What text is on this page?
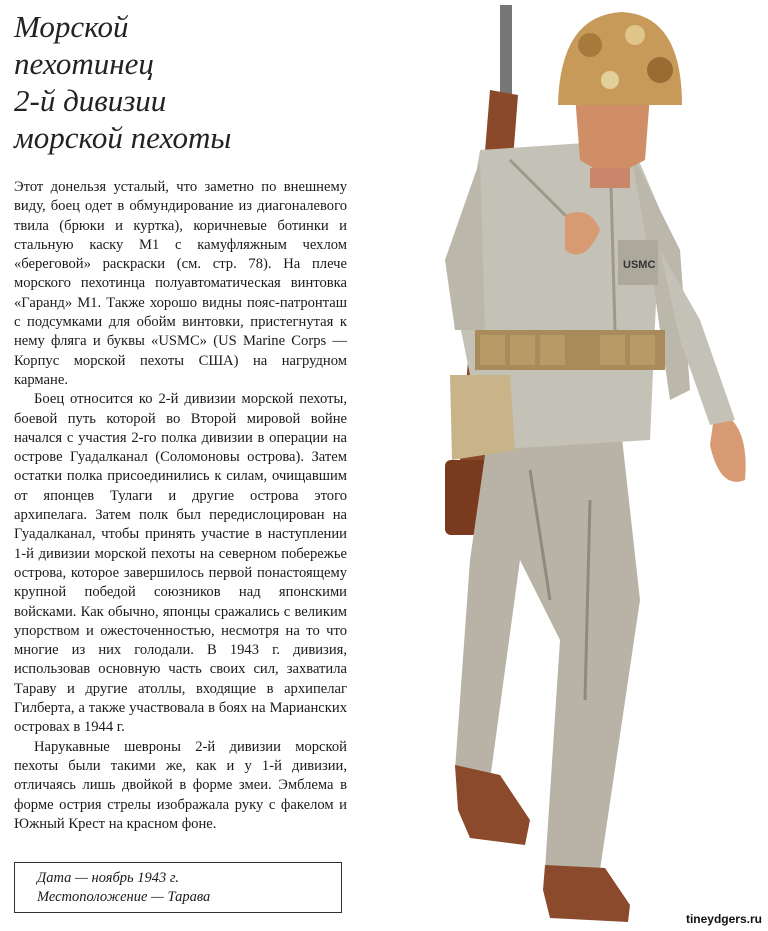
Морской
пехотинец
2-й дивизии
морской пехоты

Этот донельзя усталый, что заметно по внешнему виду, боец одет в обмундирование из диагоналевого твила (брюки и куртка), коричневые ботинки и стальную каску М1 с камуфляжным чехлом «береговой» раскраски (см. стр. 78). На плече морского пехотинца полуавтоматическая винтовка «Гаранд» М1. Также хорошо видны пояс-патронташ с подсумками для обойм винтовки, пристегнутая к нему фляга и буквы «USMC» (US Marine Corps — Корпус морской пехоты США) на нагрудном кармане.

Боец относится ко 2-й дивизии морской пехоты, боевой путь которой во Второй мировой войне начался с участия 2-го полка дивизии в операции на острове Гуадалканал (Соломоновы острова). Затем остатки полка присоединились к силам, очищавшим от японцев Тулаги и другие острова этого архипелага. Затем полк был передислоцирован на Гуадалканал, чтобы принять участие в наступлении 1-й дивизии морской пехоты на северном побережье острова, которое завершилось первой понастоящему крупной победой союзников над японскими войсками. Как обычно, японцы сражались с великим упорством и ожесточенностью, несмотря на то что многие из них голодали. В 1943 г. дивизия, использовав основную часть своих сил, захватила Тараву и другие атоллы, входящие в архипелаг Гилберта, а также участвовала в боях на Марианских островах в 1944 г.

Нарукавные шевроны 2-й дивизии морской пехоты были такими же, как и у 1-й дивизии, отличаясь лишь двойкой в форме змеи. Эмблема в форме острия стрелы изображала руку с факелом и Южный Крест на красном фоне.

Дата — ноябрь 1943 г.
Местоположение — Тарава
USMC
tineydgers.ru
